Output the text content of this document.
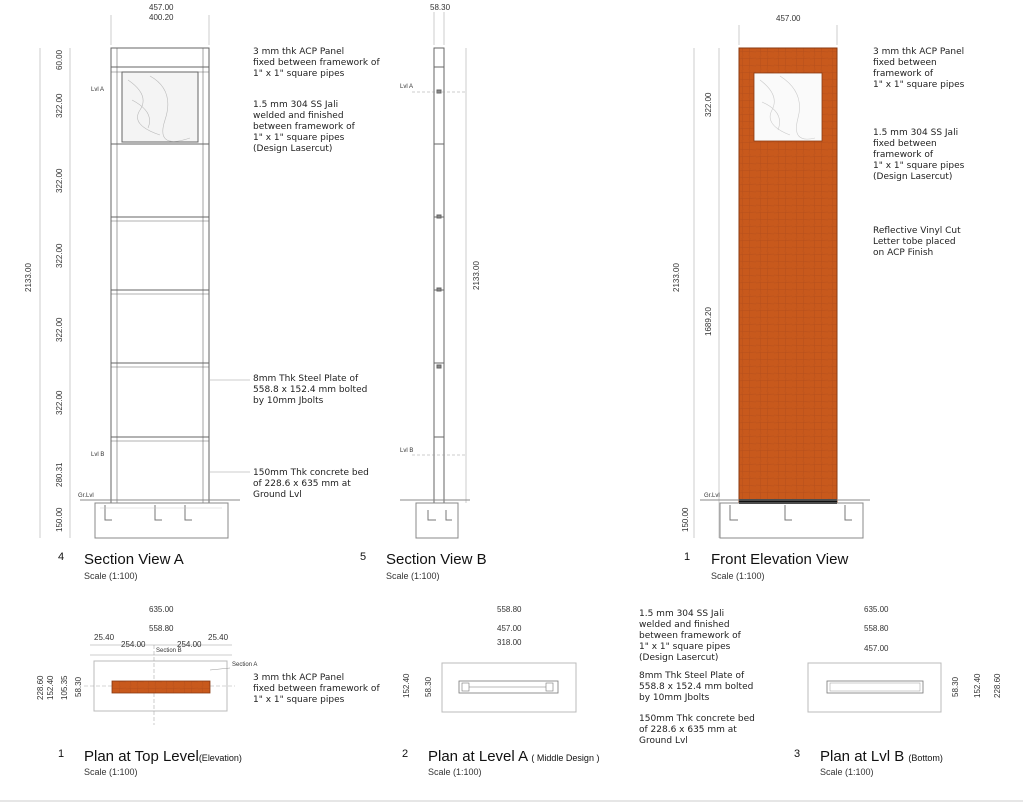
457.00
400.20
60.00
322.00
322.00
322.00
322.00
322.00
280.31
150.00
2133.00
Lvl A
Lvl B
Gr.Lvl
3 mm thk ACP Panel
fixed between framework of
1" x 1" square pipes
1.5 mm 304 SS Jali
welded and finished
between framework of
1" x 1" square pipes
(Design Lasercut)
8mm Thk Steel Plate of
558.8 x 152.4 mm bolted
by 10mm Jbolts
150mm Thk concrete bed
of 228.6 x 635 mm at
Ground Lvl
4 Section View A
Scale (1:100)
58.30
2133.00
Lvl A
Lvl B
5 Section View B
Scale (1:100)
457.00
322.00
1689.20
2133.00
150.00
Gr.Lvl
3 mm thk ACP Panel
fixed between
framework of
1" x 1" square pipes
1.5 mm 304 SS Jali
fixed between
framework of
1" x 1" square pipes
(Design Lasercut)
Reflective Vinyl Cut
Letter tobe placed
on ACP Finish
1 Front Elevation View
Scale (1:100)
635.00
558.80
25.40
254.00	254.00
25.40
Section B
Section A
228.60 152.40 105.35 58.30	3 mm thk ACP Panel
fixed between framework of
1" x 1" square pipes
1 Plan at Top Level(Elevation)
Scale (1:100)
558.80
457.00
318.00
152.40 58.30
1.5 mm 304 SS Jali
welded and finished
between framework of
1" x 1" square pipes
(Design Lasercut)
8mm Thk Steel Plate of
558.8 x 152.4 mm bolted
by 10mm Jbolts
150mm Thk concrete bed
of 228.6 x 635 mm at
Ground Lvl
2 Plan at Level A ( Middle Design )
Scale (1:100)
635.00
558.80
457.00
58.30 152.40 228.60
3 Plan at Lvl B (Bottom)
Scale (1:100)
